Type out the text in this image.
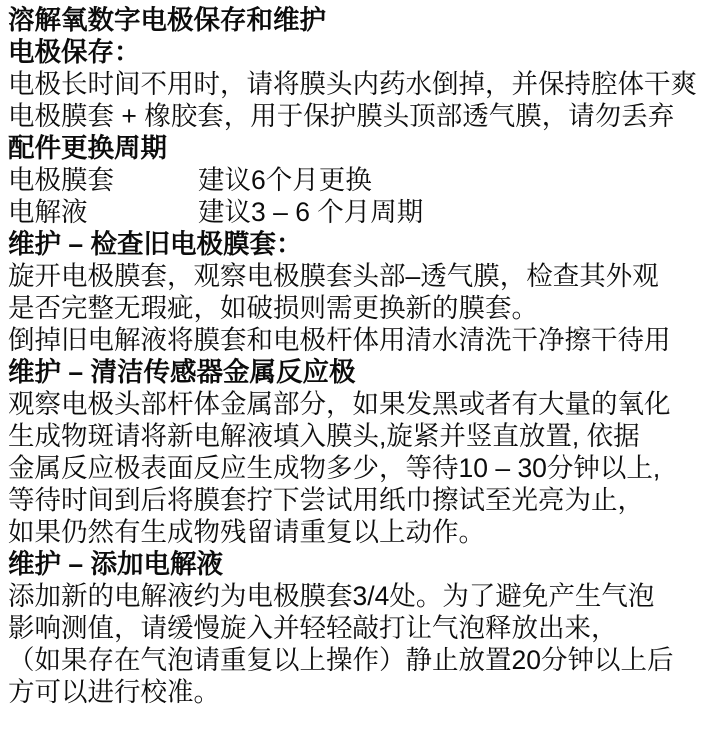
溶解氧数字电极保存和维护
电极保存：
电极长时间不用时，请将膜头内药水倒掉，并保持腔体干爽
电极膜套 + 橡胶套，用于保护膜头顶部透气膜，请勿丢弃
配件更换周期
电极膜套	建议6个月更换
电解液	建议3 – 6 个月周期
维护 – 检查旧电极膜套：
旋开电极膜套，观察电极膜套头部–透气膜，检查其外观
是否完整无瑕疵，如破损则需更换新的膜套。
倒掉旧电解液将膜套和电极杆体用清水清洗干净擦干待用
维护 – 清洁传感器金属反应极
观察电极头部杆体金属部分，如果发黑或者有大量的氧化
生成物斑请将新电解液填入膜头,旋紧并竖直放置, 依据
金属反应极表面反应生成物多少，等待10 – 30分钟以上,
等待时间到后将膜套拧下尝试用纸巾擦试至光亮为止，
如果仍然有生成物残留请重复以上动作。
维护 – 添加电解液
添加新的电解液约为电极膜套3/4处。为了避免产生气泡
影响测值，请缓慢旋入并轻轻敲打让气泡释放出来，
（如果存在气泡请重复以上操作）静止放置20分钟以上后
方可以进行校准。
